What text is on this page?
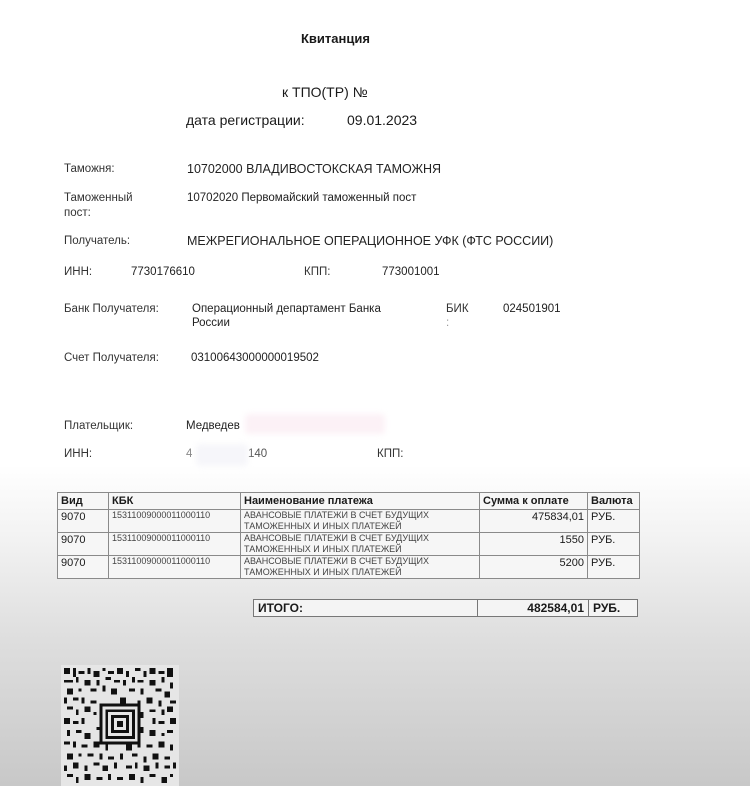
Квитанция
к ТПО(ТР) №
дата регистрации:	09.01.2023
Таможня:	10702000 ВЛАДИВОСТОКСКАЯ ТАМОЖНЯ
Таможенный
пост:
10702020 Первомайский таможенный пост
Получатель:	МЕЖРЕГИОНАЛЬНОЕ ОПЕРАЦИОННОЕ УФК (ФТС РОССИИ)
ИНН:	7730176610	КПП:	773001001
Банк Получателя:	Операционный департамент Банка
России
БИК
:
024501901
Счет Получателя:	03100643000000019502
Плательщик:	Медведев
ИНН:	4	140	КПП:
Вид	КБК	Наименование платежа	Сумма к оплате	Валюта
9070	15311009000011000110	АВАНСОВЫЕ ПЛАТЕЖИ В СЧЕТ БУДУЩИХ
ТАМОЖЕННЫХ И ИНЫХ ПЛАТЕЖЕЙ	475834,01	РУБ.
9070	15311009000011000110	АВАНСОВЫЕ ПЛАТЕЖИ В СЧЕТ БУДУЩИХ
ТАМОЖЕННЫХ И ИНЫХ ПЛАТЕЖЕЙ	1550	РУБ.
9070	15311009000011000110	АВАНСОВЫЕ ПЛАТЕЖИ В СЧЕТ БУДУЩИХ
ТАМОЖЕННЫХ И ИНЫХ ПЛАТЕЖЕЙ	5200	РУБ.
ИТОГО:	482584,01	РУБ.
